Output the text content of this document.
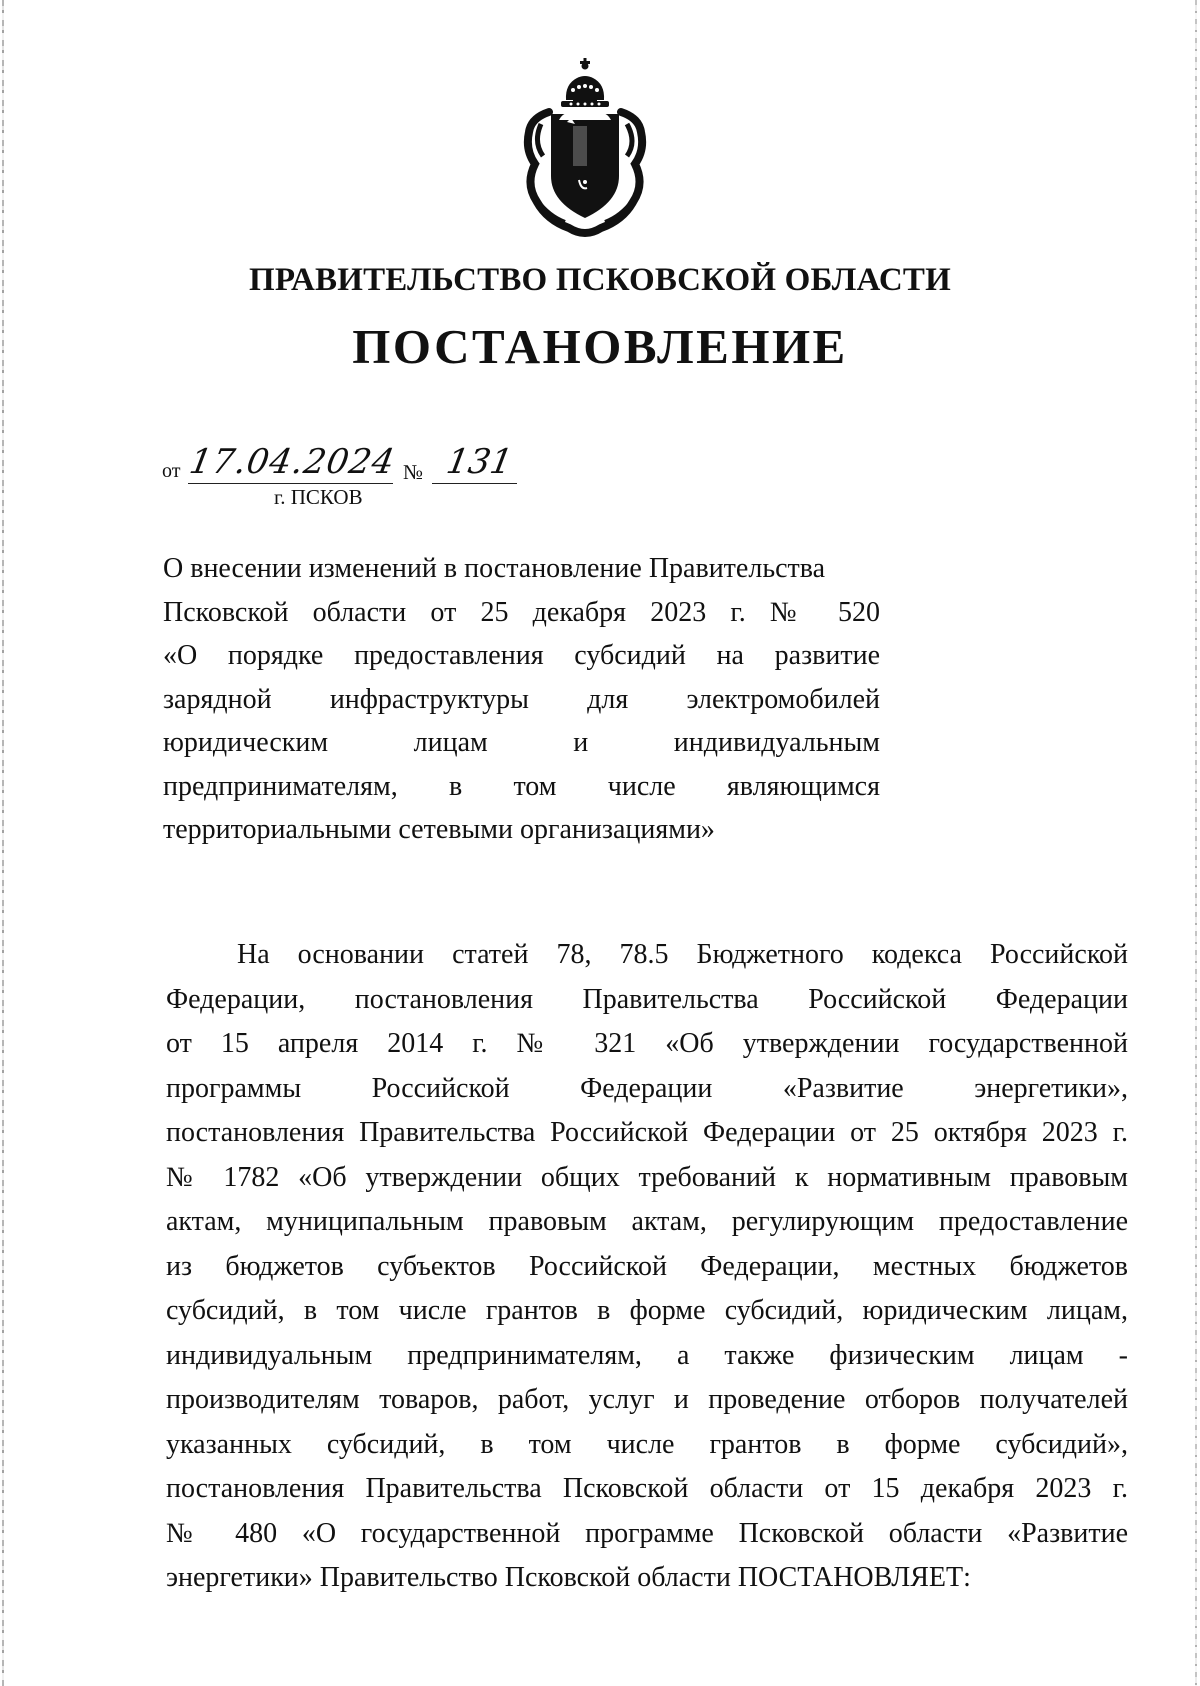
ПРАВИТЕЛЬСТВО ПСКОВСКОЙ ОБЛАСТИ
ПОСТАНОВЛЕНИЕ
от 17.04.2024 № 131
г. ПСКОВ
О внесении изменений в постановление Правительства
Псковской области от 25 декабря 2023 г. № 520
«О порядке предоставления субсидий на развитие
зарядной инфраструктуры для электромобилей
юридическим лицам и индивидуальным
предпринимателям, в том числе являющимся
территориальными сетевыми организациями»
На основании статей 78, 78.5 Бюджетного кодекса Российской
Федерации, постановления Правительства Российской Федерации
от 15 апреля 2014 г. № 321 «Об утверждении государственной
программы Российской Федерации «Развитие энергетики»,
постановления Правительства Российской Федерации от 25 октября 2023 г.
№ 1782 «Об утверждении общих требований к нормативным правовым
актам, муниципальным правовым актам, регулирующим предоставление
из бюджетов субъектов Российской Федерации, местных бюджетов
субсидий, в том числе грантов в форме субсидий, юридическим лицам,
индивидуальным предпринимателям, а также физическим лицам -
производителям товаров, работ, услуг и проведение отборов получателей
указанных субсидий, в том числе грантов в форме субсидий»,
постановления Правительства Псковской области от 15 декабря 2023 г.
№ 480 «О государственной программе Псковской области «Развитие
энергетики» Правительство Псковской области ПОСТАНОВЛЯЕТ:
